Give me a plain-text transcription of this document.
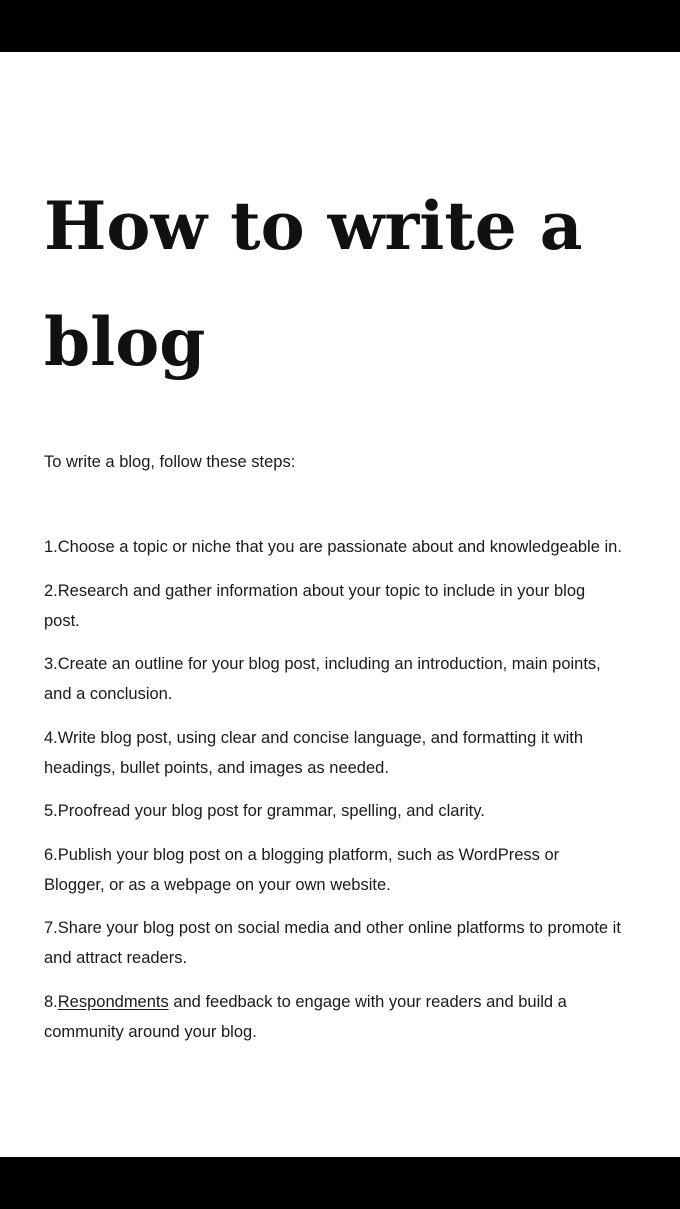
How to write a blog

To write a blog, follow these steps:

1.Choose a topic or niche that you are passionate about and knowledgeable in.
2.Research and gather information about your topic to include in your blog post.
3.Create an outline for your blog post, including an introduction, main points, and a conclusion.
4.Write blog post, using clear and concise language, and formatting it with headings, bullet points, and images as needed.
5.Proofread your blog post for grammar, spelling, and clarity.
6.Publish your blog post on a blogging platform, such as WordPress or Blogger, or as a webpage on your own website.
7.Share your blog post on social media and other online platforms to promote it and attract readers.
8.Respondments and feedback to engage with your readers and build a community around your blog.
